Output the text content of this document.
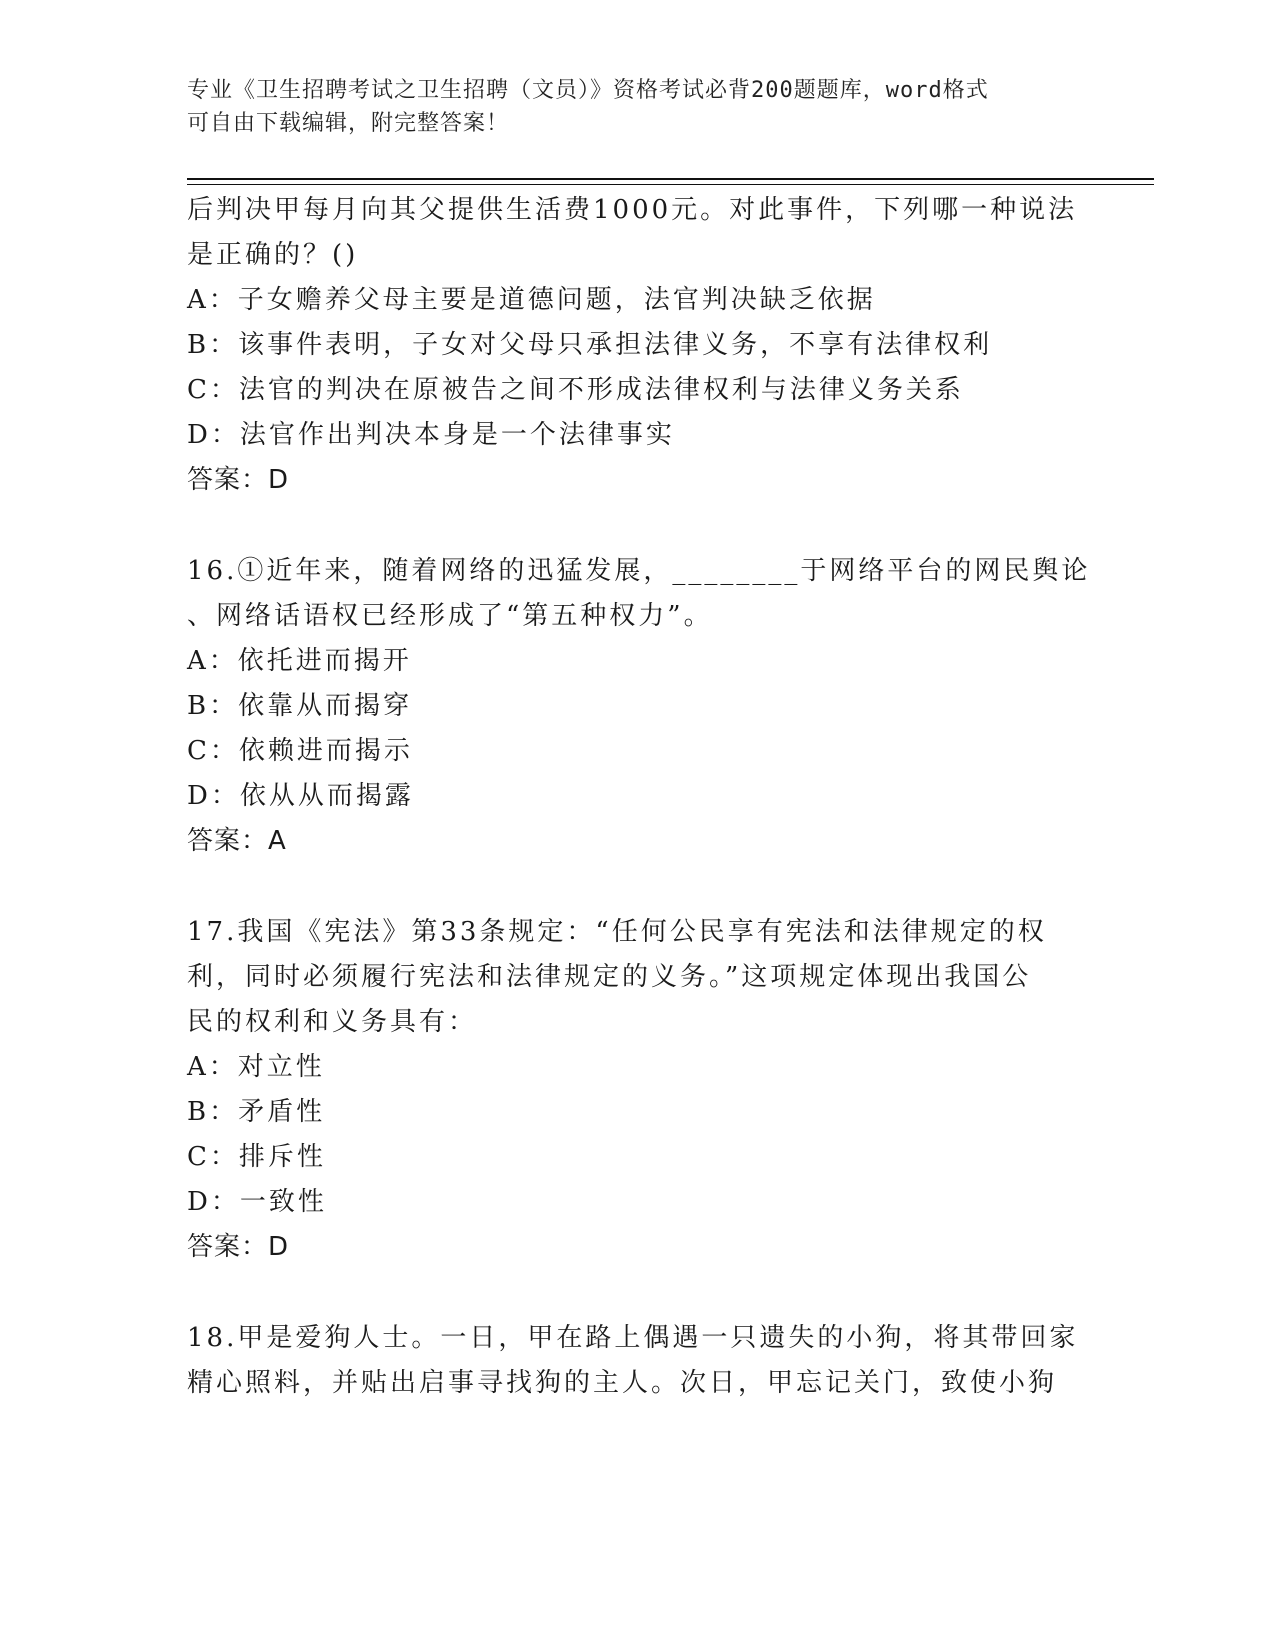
专业《卫生招聘考试之卫生招聘（文员）》资格考试必背200题题库，word格式
可自由下载编辑，附完整答案！
后判决甲每月向其父提供生活费1000元。对此事件，下列哪一种说法
是正确的？()
A：子女赡养父母主要是道德问题，法官判决缺乏依据
B：该事件表明，子女对父母只承担法律义务，不享有法律权利
C：法官的判决在原被告之间不形成法律权利与法律义务关系
D：法官作出判决本身是一个法律事实
答案：D
16.①近年来，随着网络的迅猛发展，________于网络平台的网民舆论
、网络话语权已经形成了“第五种权力”。
A：依托进而揭开
B：依靠从而揭穿
C：依赖进而揭示
D：依从从而揭露
答案：A
17.我国《宪法》第33条规定：“任何公民享有宪法和法律规定的权
利，同时必须履行宪法和法律规定的义务。”这项规定体现出我国公
民的权利和义务具有：
A：对立性
B：矛盾性
C：排斥性
D：一致性
答案：D
18.甲是爱狗人士。一日，甲在路上偶遇一只遗失的小狗，将其带回家
精心照料，并贴出启事寻找狗的主人。次日，甲忘记关门，致使小狗
